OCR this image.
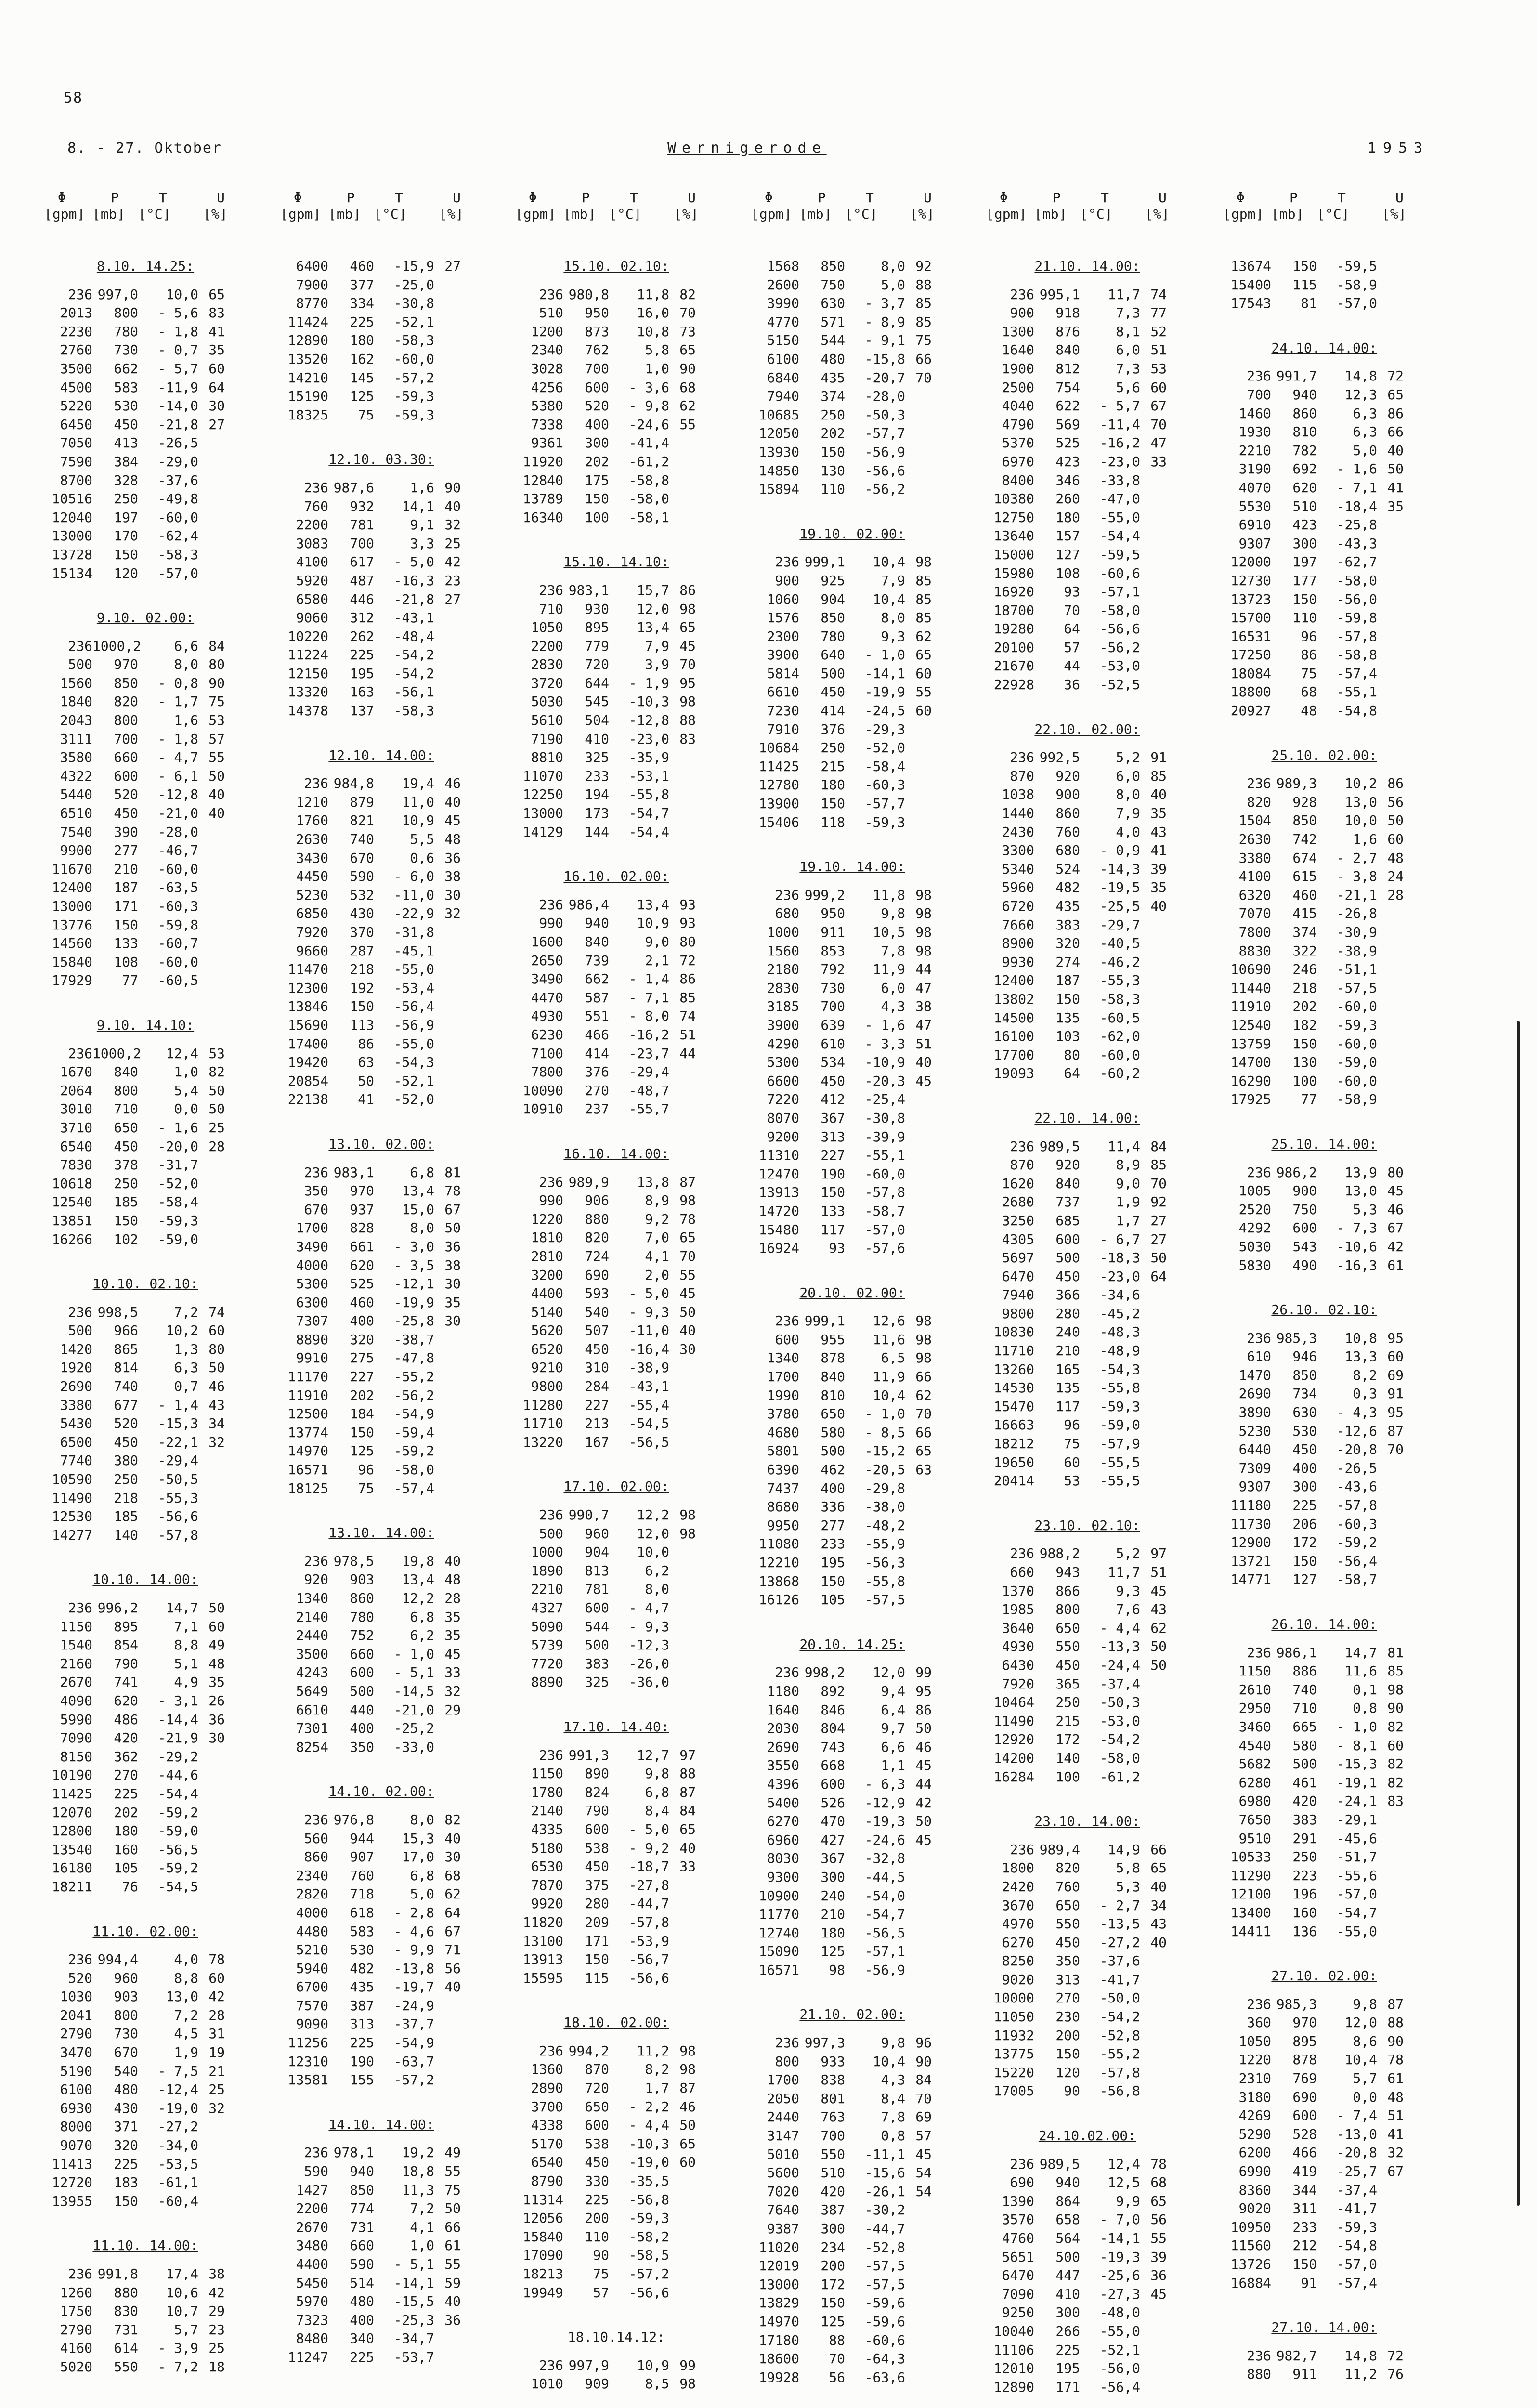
58
8. - 27. Oktober	Wernigerode	1953
Φ	P	T	U
[gpm] [mb] [°C] [%]
8.10. 14.25:
236 997,0	10,0 65
2013	800	- 5,6 83
2230	780	- 1,8 41
2760	730	- 0,7 35
3500	662	- 5,7 60
4500	583	-11,9 64
5220	530	-14,0 30
6450	450	-21,8 27
7050	413	-26,5
7590	384	-29,0
8700	328	-37,6
10516	250	-49,8
12040	197	-60,0
13000	170	-62,4
13728	150	-58,3
15134	120	-57,0
9.10. 02.00:
236 1000,2	6,6 84
500	970	8,0 80
1560	850	- 0,8 90
1840	820	- 1,7 75
2043	800	1,6 53
3111	700	- 1,8 57
3580	660	- 4,7 55
4322	600	- 6,1 50
5440	520	-12,8 40
6510	450	-21,0 40
7540	390	-28,0
9900	277	-46,7
11670	210	-60,0
12400	187	-63,5
13000	171	-60,3
13776	150	-59,8
14560	133	-60,7
15840	108	-60,0
17929	77	-60,5
9.10. 14.10:
236 1000,2	12,4 53
1670	840	1,0 82
2064	800	5,4 50
3010	710	0,0 50
3710	650	- 1,6 25
6540	450	-20,0 28
7830	378	-31,7
10618	250	-52,0
12540	185	-58,4
13851	150	-59,3
16266	102	-59,0
10.10. 02.10:
236 998,5	7,2 74
500	966	10,2 60
1420	865	1,3 80
1920	814	6,3 50
2690	740	0,7 46
3380	677	- 1,4 43
5430	520	-15,3 34
6500	450	-22,1 32
7740	380	-29,4
10590	250	-50,5
11490	218	-55,3
12530	185	-56,6
14277	140	-57,8
10.10. 14.00:
236 996,2	14,7 50
1150	895	7,1 60
1540	854	8,8 49
2160	790	5,1 48
2670	741	4,9 35
4090	620	- 3,1 26
5990	486	-14,4 36
7090	420	-21,9 30
8150	362	-29,2
10190	270	-44,6
11425	225	-54,4
12070	202	-59,2
12800	180	-59,0
13540	160	-56,5
16180	105	-59,2
18211	76	-54,5
11.10. 02.00:
236 994,4	4,0 78
520	960	8,8 60
1030	903	13,0 42
2041	800	7,2 28
2790	730	4,5 31
3470	670	1,9 19
5190	540	- 7,5 21
6100	480	-12,4 25
6930	430	-19,0 32
8000	371	-27,2
9070	320	-34,0
11413	225	-53,5
12720	183	-61,1
13955	150	-60,4
11.10. 14.00:
236 991,8	17,4 38
1260	880	10,6 42
1750	830	10,7 29
2790	731	5,7 23
4160	614	- 3,9 25
5020	550	- 7,2 18
Φ	P	T	U
[gpm] [mb] [°C] [%]
6400	460	-15,9 27
7900	377	-25,0
8770	334	-30,8
11424	225	-52,1
12890	180	-58,3
13520	162	-60,0
14210	145	-57,2
15190	125	-59,3
18325	75	-59,3
12.10. 03.30:
236 987,6	1,6 90
760	932	14,1 40
2200	781	9,1 32
3083	700	3,3 25
4100	617	- 5,0 42
5920	487	-16,3 23
6580	446	-21,8 27
9060	312	-43,1
10220	262	-48,4
11224	225	-54,2
12150	195	-54,2
13320	163	-56,1
14378	137	-58,3
12.10. 14.00:
236 984,8	19,4 46
1210	879	11,0 40
1760	821	10,9 45
2630	740	5,5 48
3430	670	0,6 36
4450	590	- 6,0 38
5230	532	-11,0 30
6850	430	-22,9 32
7920	370	-31,8
9660	287	-45,1
11470	218	-55,0
12300	192	-53,4
13846	150	-56,4
15690	113	-56,9
17400	86	-55,0
19420	63	-54,3
20854	50	-52,1
22138	41	-52,0
13.10. 02.00:
236 983,1	6,8 81
350	970	13,4 78
670	937	15,0 67
1700	828	8,0 50
3490	661	- 3,0 36
4000	620	- 3,5 38
5300	525	-12,1 30
6300	460	-19,9 35
7307	400	-25,8 30
8890	320	-38,7
9910	275	-47,8
11170	227	-55,2
11910	202	-56,2
12500	184	-54,9
13774	150	-59,4
14970	125	-59,2
16571	96	-58,0
18125	75	-57,4
13.10. 14.00:
236 978,5	19,8 40
920	903	13,4 48
1340	860	12,2 28
2140	780	6,8 35
2440	752	6,2 35
3500	660	- 1,0 45
4243	600	- 5,1 33
5649	500	-14,5 32
6610	440	-21,0 29
7301	400	-25,2
8254	350	-33,0
14.10. 02.00:
236 976,8	8,0 82
560	944	15,3 40
860	907	17,0 30
2340	760	6,8 68
2820	718	5,0 62
4000	618	- 2,8 64
4480	583	- 4,6 67
5210	530	- 9,9 71
5940	482	-13,8 56
6700	435	-19,7 40
7570	387	-24,9
9090	313	-37,7
11256	225	-54,9
12310	190	-63,7
13581	155	-57,2
14.10. 14.00:
236 978,1	19,2 49
590	940	18,8 55
1427	850	11,3 75
2200	774	7,2 50
2670	731	4,1 66
3480	660	1,0 61
4400	590	- 5,1 55
5450	514	-14,1 59
5970	480	-15,5 40
7323	400	-25,3 36
8480	340	-34,7
11247	225	-53,7
Φ	P	T	U
[gpm] [mb] [°C] [%]
15.10. 02.10:
236 980,8	11,8 82
510	950	16,0 70
1200	873	10,8 73
2340	762	5,8 65
3028	700	1,0 90
4256	600	- 3,6 68
5380	520	- 9,8 62
7338	400	-24,6 55
9361	300	-41,4
11920	202	-61,2
12840	175	-58,8
13789	150	-58,0
16340	100	-58,1
15.10. 14.10:
236 983,1	15,7 86
710	930	12,0 98
1050	895	13,4 65
2200	779	7,9 45
2830	720	3,9 70
3720	644	- 1,9 95
5030	545	-10,3 98
5610	504	-12,8 88
7190	410	-23,0 83
8810	325	-35,9
11070	233	-53,1
12250	194	-55,8
13000	173	-54,7
14129	144	-54,4
16.10. 02.00:
236 986,4	13,4 93
990	940	10,9 93
1600	840	9,0 80
2650	739	2,1 72
3490	662	- 1,4 86
4470	587	- 7,1 85
4930	551	- 8,0 74
6230	466	-16,2 51
7100	414	-23,7 44
7800	376	-29,4
10090	270	-48,7
10910	237	-55,7
16.10. 14.00:
236 989,9	13,8 87
990	906	8,9 98
1220	880	9,2 78
1810	820	7,0 65
2810	724	4,1 70
3200	690	2,0 55
4400	593	- 5,0 45
5140	540	- 9,3 50
5620	507	-11,0 40
6520	450	-16,4 30
9210	310	-38,9
9800	284	-43,1
11280	227	-55,4
11710	213	-54,5
13220	167	-56,5
17.10. 02.00:
236 990,7	12,2 98
500	960	12,0 98
1000	904	10,0
1890	813	6,2
2210	781	8,0
4327	600	- 4,7
5090	544	- 9,3
5739	500	-12,3
7720	383	-26,0
8890	325	-36,0
17.10. 14.40:
236 991,3	12,7 97
1150	890	9,8 88
1780	824	6,8 87
2140	790	8,4 84
4335	600	- 5,0 65
5180	538	- 9,2 40
6530	450	-18,7 33
7870	375	-27,8
9920	280	-44,7
11820	209	-57,8
13100	171	-53,9
13913	150	-56,7
15595	115	-56,6
18.10. 02.00:
236 994,2	11,2 98
1360	870	8,2 98
2890	720	1,7 87
3700	650	- 2,2 46
4338	600	- 4,4 50
5170	538	-10,3 65
6540	450	-19,0 60
8790	330	-35,5
11314	225	-56,8
12056	200	-59,3
15840	110	-58,2
17090	90	-58,5
18213	75	-57,2
19949	57	-56,6
18.10.14.12:
236 997,9	10,9 99
1010	909	8,5 98
Φ	P	T	U
[gpm] [mb] [°C] [%]
1568	850	8,0 92
2600	750	5,0 88
3990	630	- 3,7 85
4770	571	- 8,9 85
5150	544	- 9,1 75
6100	480	-15,8 66
6840	435	-20,7 70
7940	374	-28,0
10685	250	-50,3
12050	202	-57,7
13930	150	-56,9
14850	130	-56,6
15894	110	-56,2
19.10. 02.00:
236 999,1	10,4 98
900	925	7,9 85
1060	904	10,4 85
1576	850	8,0 85
2300	780	9,3 62
3900	640	- 1,0 65
5814	500	-14,1 60
6610	450	-19,9 55
7230	414	-24,5 60
7910	376	-29,3
10684	250	-52,0
11425	215	-58,4
12780	180	-60,3
13900	150	-57,7
15406	118	-59,3
19.10. 14.00:
236 999,2	11,8 98
680	950	9,8 98
1000	911	10,5 98
1560	853	7,8 98
2180	792	11,9 44
2830	730	6,0 47
3185	700	4,3 38
3900	639	- 1,6 47
4290	610	- 3,3 51
5300	534	-10,9 40
6600	450	-20,3 45
7220	412	-25,4
8070	367	-30,8
9200	313	-39,9
11310	227	-55,1
12470	190	-60,0
13913	150	-57,8
14720	133	-58,7
15480	117	-57,0
16924	93	-57,6
20.10. 02.00:
236 999,1	12,6 98
600	955	11,6 98
1340	878	6,5 98
1700	840	11,9 66
1990	810	10,4 62
3780	650	- 1,0 70
4680	580	- 8,5 66
5801	500	-15,2 65
6390	462	-20,5 63
7437	400	-29,8
8680	336	-38,0
9950	277	-48,2
11080	233	-55,9
12210	195	-56,3
13868	150	-55,8
16126	105	-57,5
20.10. 14.25:
236 998,2	12,0 99
1180	892	9,4 95
1640	846	6,4 86
2030	804	9,7 50
2690	743	6,6 46
3550	668	1,1 45
4396	600	- 6,3 44
5400	526	-12,9 42
6270	470	-19,3 50
6960	427	-24,6 45
8030	367	-32,8
9300	300	-44,5
10900	240	-54,0
11770	210	-54,7
12740	180	-56,5
15090	125	-57,1
16571	98	-56,9
21.10. 02.00:
236 997,3	9,8 96
800	933	10,4 90
1700	838	4,3 84
2050	801	8,4 70
2440	763	7,8 69
3147	700	0,8 57
5010	550	-11,1 45
5600	510	-15,6 54
7020	420	-26,1 54
7640	387	-30,2
9387	300	-44,7
11020	234	-52,8
12019	200	-57,5
13000	172	-57,5
13829	150	-59,6
14970	125	-59,6
17180	88	-60,6
18600	70	-64,3
19928	56	-63,6
Φ	P	T	U
[gpm] [mb] [°C] [%]
21.10. 14.00:
236 995,1	11,7 74
900	918	7,3 77
1300	876	8,1 52
1640	840	6,0 51
1900	812	7,3 53
2500	754	5,6 60
4040	622	- 5,7 67
4790	569	-11,4 70
5370	525	-16,2 47
6970	423	-23,0 33
8400	346	-33,8
10380	260	-47,0
12750	180	-55,0
13640	157	-54,4
15000	127	-59,5
15980	108	-60,6
16920	93	-57,1
18700	70	-58,0
19280	64	-56,6
20100	57	-56,2
21670	44	-53,0
22928	36	-52,5
22.10. 02.00:
236 992,5	5,2 91
870	920	6,0 85
1038	900	8,0 40
1440	860	7,9 35
2430	760	4,0 43
3300	680	- 0,9 41
5340	524	-14,3 39
5960	482	-19,5 35
6720	435	-25,5 40
7660	383	-29,7
8900	320	-40,5
9930	274	-46,2
12400	187	-55,3
13802	150	-58,3
14500	135	-60,5
16100	103	-62,0
17700	80	-60,0
19093	64	-60,2
22.10. 14.00:
236 989,5	11,4 84
870	920	8,9 85
1620	840	9,0 70
2680	737	1,9 92
3250	685	1,7 27
4305	600	- 6,7 27
5697	500	-18,3 50
6470	450	-23,0 64
7940	366	-34,6
9800	280	-45,2
10830	240	-48,3
11710	210	-48,9
13260	165	-54,3
14530	135	-55,8
15470	117	-59,3
16663	96	-59,0
18212	75	-57,9
19650	60	-55,5
20414	53	-55,5
23.10. 02.10:
236 988,2	5,2 97
660	943	11,7 51
1370	866	9,3 45
1985	800	7,6 43
3640	650	- 4,4 62
4930	550	-13,3 50
6430	450	-24,4 50
7920	365	-37,4
10464	250	-50,3
11490	215	-53,0
12920	172	-54,2
14200	140	-58,0
16284	100	-61,2
23.10. 14.00:
236 989,4	14,9 66
1800	820	5,8 65
2420	760	5,3 40
3670	650	- 2,7 34
4970	550	-13,5 43
6270	450	-27,2 40
8250	350	-37,6
9020	313	-41,7
10000	270	-50,0
11050	230	-54,2
11932	200	-52,8
13775	150	-55,2
15220	120	-57,8
17005	90	-56,8
24.10.02.00:
236 989,5	12,4 78
690	940	12,5 68
1390	864	9,9 65
3570	658	- 7,0 56
4760	564	-14,1 55
5651	500	-19,3 39
6470	447	-25,6 36
7090	410	-27,3 45
9250	300	-48,0
10040	266	-55,0
11106	225	-52,1
12010	195	-56,0
12890	171	-56,4
Φ	P	T	U
[gpm] [mb] [°C] [%]
13674	150	-59,5
15400	115	-58,9
17543	81	-57,0
24.10. 14.00:
236 991,7	14,8 72
700	940	12,3 65
1460	860	6,3 86
1930	810	6,3 66
2210	782	5,0 40
3190	692	- 1,6 50
4070	620	- 7,1 41
5530	510	-18,4 35
6910	423	-25,8
9307	300	-43,3
12000	197	-62,7
12730	177	-58,0
13723	150	-56,0
15700	110	-59,8
16531	96	-57,8
17250	86	-58,8
18084	75	-57,4
18800	68	-55,1
20927	48	-54,8
25.10. 02.00:
236 989,3	10,2 86
820	928	13,0 56
1504	850	10,0 50
2630	742	1,6 60
3380	674	- 2,7 48
4100	615	- 3,8 24
6320	460	-21,1 28
7070	415	-26,8
7800	374	-30,9
8830	322	-38,9
10690	246	-51,1
11440	218	-57,5
11910	202	-60,0
12540	182	-59,3
13759	150	-60,0
14700	130	-59,0
16290	100	-60,0
17925	77	-58,9
25.10. 14.00:
236 986,2	13,9 80
1005	900	13,0 45
2520	750	5,3 46
4292	600	- 7,3 67
5030	543	-10,6 42
5830	490	-16,3 61
26.10. 02.10:
236 985,3	10,8 95
610	946	13,3 60
1470	850	8,2 69
2690	734	0,3 91
3890	630	- 4,3 95
5230	530	-12,6 87
6440	450	-20,8 70
7309	400	-26,5
9307	300	-43,6
11180	225	-57,8
11730	206	-60,3
12900	172	-59,2
13721	150	-56,4
14771	127	-58,7
26.10. 14.00:
236 986,1	14,7 81
1150	886	11,6 85
2610	740	0,1 98
2950	710	0,8 90
3460	665	- 1,0 82
4540	580	- 8,1 60
5682	500	-15,3 82
6280	461	-19,1 82
6980	420	-24,1 83
7650	383	-29,1
9510	291	-45,6
10533	250	-51,7
11290	223	-55,6
12100	196	-57,0
13400	160	-54,7
14411	136	-55,0
27.10. 02.00:
236 985,3	9,8 87
360	970	12,0 88
1050	895	8,6 90
1220	878	10,4 78
2310	769	5,7 61
3180	690	0,0 48
4269	600	- 7,4 51
5290	528	-13,0 41
6200	466	-20,8 32
6990	419	-25,7 67
8360	344	-37,4
9020	311	-41,7
10950	233	-59,3
11560	212	-54,8
13726	150	-57,0
16884	91	-57,4
27.10. 14.00:
236 982,7	14,8 72
880	911	11,2 76
